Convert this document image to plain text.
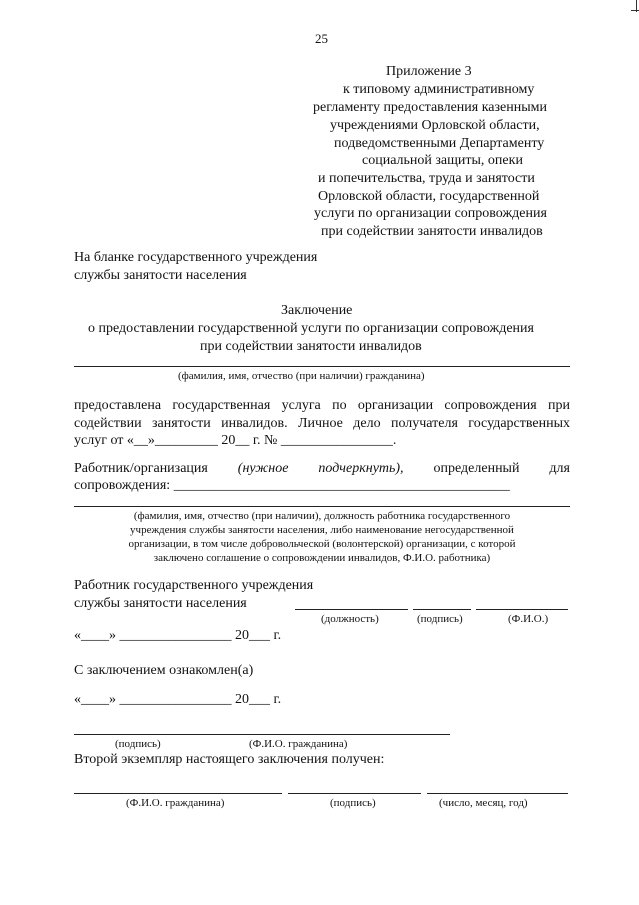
25
Приложение 3
к типовому административному
регламенту предоставления казенными
учреждениями Орловской области,
подведомственными Департаменту
социальной защиты, опеки
и попечительства, труда и занятости
Орловской области, государственной
услуги по организации сопровождения
при содействии занятости инвалидов
На бланке государственного учреждения
службы занятости населения
Заключение
о предоставлении государственной услуги по организации сопровождения
при содействии занятости инвалидов
(фамилия, имя, отчество (при наличии) гражданина)
предоставлена государственная услуга по организации сопровождения при
содействии занятости инвалидов. Личное дело получателя государственных
услуг от «__»_________ 20__ г. № ________________.
Работник/организация (нужное подчеркнуть), определенный для
сопровождения: ________________________________________________
(фамилия, имя, отчество (при наличии), должность работника государственного
учреждения службы занятости населения, либо наименование негосударственной
организации, в том числе добровольческой (волонтерской) организации, с которой
заключено соглашение о сопровождении инвалидов, Ф.И.О. работника)
Работник государственного учреждения
службы занятости населения
(должность)	(подпись)	(Ф.И.О.)
«____» ________________ 20___ г.
С заключением ознакомлен(а)
«____» ________________ 20___ г.
(подпись)	(Ф.И.О. гражданина)
Второй экземпляр настоящего заключения получен:
(Ф.И.О. гражданина)	(подпись)	(число, месяц, год)
